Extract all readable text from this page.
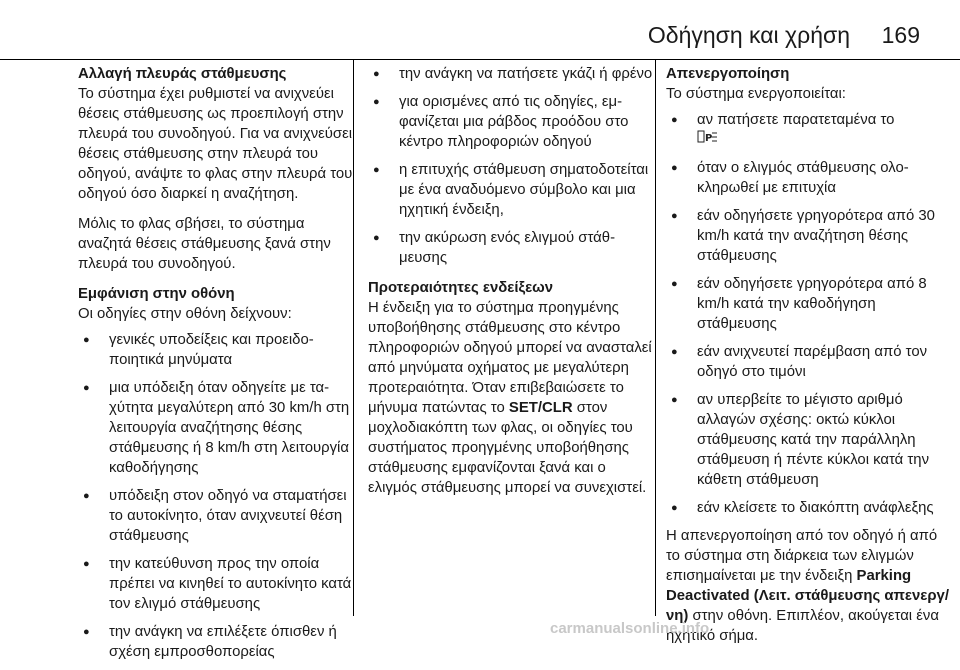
Οδήγηση και χρήση 169
Αλλαγή πλευράς στάθμευσης

Το σύστημα έχει ρυθμιστεί να ανιχνεύει θέσεις στάθμευσης ως προεπιλογή στην πλευρά του συνοδηγού. Για να ανιχνεύσει θέσεις στάθμευσης στην πλευρά του οδηγού, ανάψτε το φλας στην πλευρά του οδηγού όσο διαρκεί η αναζήτηση.

Μόλις το φλας σβήσει, το σύστημα αναζητά θέσεις στάθμευσης ξανά στην πλευρά του συνοδηγού.

Εμφάνιση στην οθόνη

Οι οδηγίες στην οθόνη δείχνουν:

● γενικές υποδείξεις και προειδοποιητικά μηνύματα
● μια υπόδειξη όταν οδηγείτε με ταχύτητα μεγαλύτερη από 30 km/h στη λειτουργία αναζήτησης θέσης στάθμευσης ή 8 km/h στη λειτουργία καθοδήγησης
● υπόδειξη στον οδηγό να σταματήσει το αυτοκίνητο, όταν ανιχνευτεί θέση στάθμευσης
● την κατεύθυνση προς την οποία πρέπει να κινηθεί το αυτοκίνητο κατά τον ελιγμό στάθμευσης
● την ανάγκη να επιλέξετε όπισθεν ή σχέση εμπροσθοπορείας
● την ανάγκη να πατήσετε γκάζι ή φρένο
● για ορισμένες από τις οδηγίες, εμφανίζεται μια ράβδος προόδου στο κέντρο πληροφοριών οδηγού
● η επιτυχής στάθμευση σηματοδοτείται με ένα αναδυόμενο σύμβολο και μια ηχητική ένδειξη,
● την ακύρωση ενός ελιγμού στάθμευσης
Προτεραιότητες ενδείξεων

Η ένδειξη για το σύστημα προηγμένης υποβοήθησης στάθμευσης στο κέντρο πληροφοριών οδηγού μπορεί να ανασταλεί από μηνύματα οχήματος με μεγαλύτερη προτεραιότητα. Όταν επιβεβαιώσετε το μήνυμα πατώντας το SET/CLR στον μοχλοδιακόπτη των φλας, οι οδηγίες του συστήματος προηγμένης υποβοήθησης στάθμευσης εμφανίζονται ξανά και ο ελιγμός στάθμευσης μπορεί να συνεχιστεί.

Απενεργοποίηση

Το σύστημα ενεργοποιείται:

● αν πατήσετε παρατεταμένα το

P
● όταν ο ελιγμός στάθμευσης ολοκληρωθεί με επιτυχία
● εάν οδηγήσετε γρηγορότερα από 30 km/h κατά την αναζήτηση θέσης στάθμευσης
● εάν οδηγήσετε γρηγορότερα από 8 km/h κατά την καθοδήγηση στάθμευσης
● εάν ανιχνευτεί παρέμβαση από τον οδηγό στο τιμόνι
● αν υπερβείτε το μέγιστο αριθμό αλλαγών σχέσης: οκτώ κύκλοι στάθμευσης κατά την παράλληλη στάθμευση ή πέντε κύκλοι κατά την κάθετη στάθμευση
● εάν κλείσετε το διακόπτη ανάφλεξης

Η απενεργοποίηση από τον οδηγό ή από το σύστημα στη διάρκεια των ελιγμών επισημαίνεται με την ένδειξη Parking Deactivated (Λειτ. στάθμευσης απενεργ/νη) στην οθόνη. Επιπλέον, ακούγεται ένα ηχητικό σήμα.

carmanualsonline.info
